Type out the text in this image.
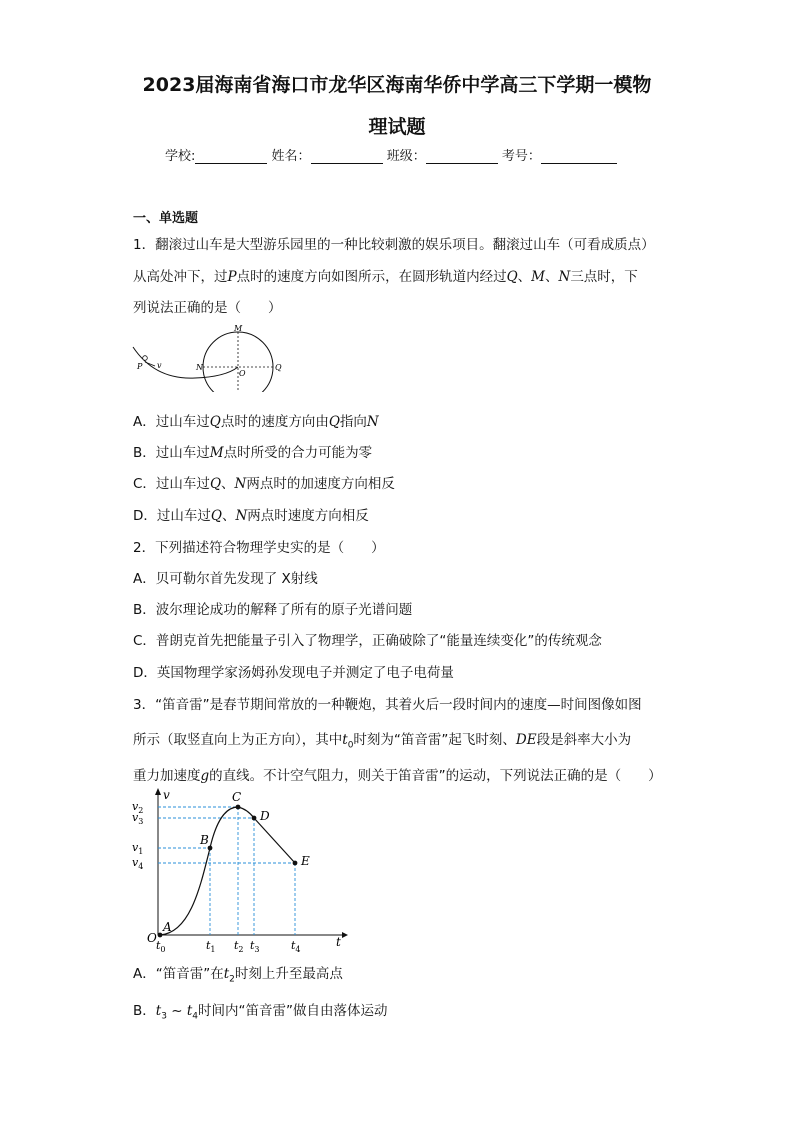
2023届海南省海口市龙华区海南华侨中学高三下学期一模物
理试题
学校:	姓名：	班级：	考号：
一、单选题
1．翻滚过山车是大型游乐园里的一种比较刺激的娱乐项目。翻滚过山车（可看成质点）
从高处冲下，过P点时的速度方向如图所示，在圆形轨道内经过Q、M、N三点时，下
列说法正确的是（　　）
M
N
O
Q
P v
A．过山车过Q点时的速度方向由Q指向N
B．过山车过M点时所受的合力可能为零
C．过山车过Q、N两点时的加速度方向相反
D．过山车过Q、N两点时速度方向相反
2．下列描述符合物理学史实的是（　　）
A．贝可勒尔首先发现了 X射线
B．波尔理论成功的解释了所有的原子光谱问题
C．普朗克首先把能量子引入了物理学，正确破除了“能量连续变化”的传统观念
D．英国物理学家汤姆孙发现电子并测定了电子电荷量
3．“笛音雷”是春节期间常放的一种鞭炮，其着火后一段时间内的速度—时间图像如图
所示（取竖直向上为正方向），其中$t_0$时刻为“笛音雷”起飞时刻、DE段是斜率大小为
重力加速度g的直线。不计空气阻力，则关于笛音雷”的运动，下列说法正确的是（　　）
O	t
v
A
B
C
D
E
$t_0$	$t_1$ $t_2$ $t_3$	$t_4$
$v_2$
$v_3$
$v_1$
$v_4$
A．“笛音雷”在$t_2$时刻上升至最高点
B．$t_3$ ~ $t_4$时间内“笛音雷”做自由落体运动
